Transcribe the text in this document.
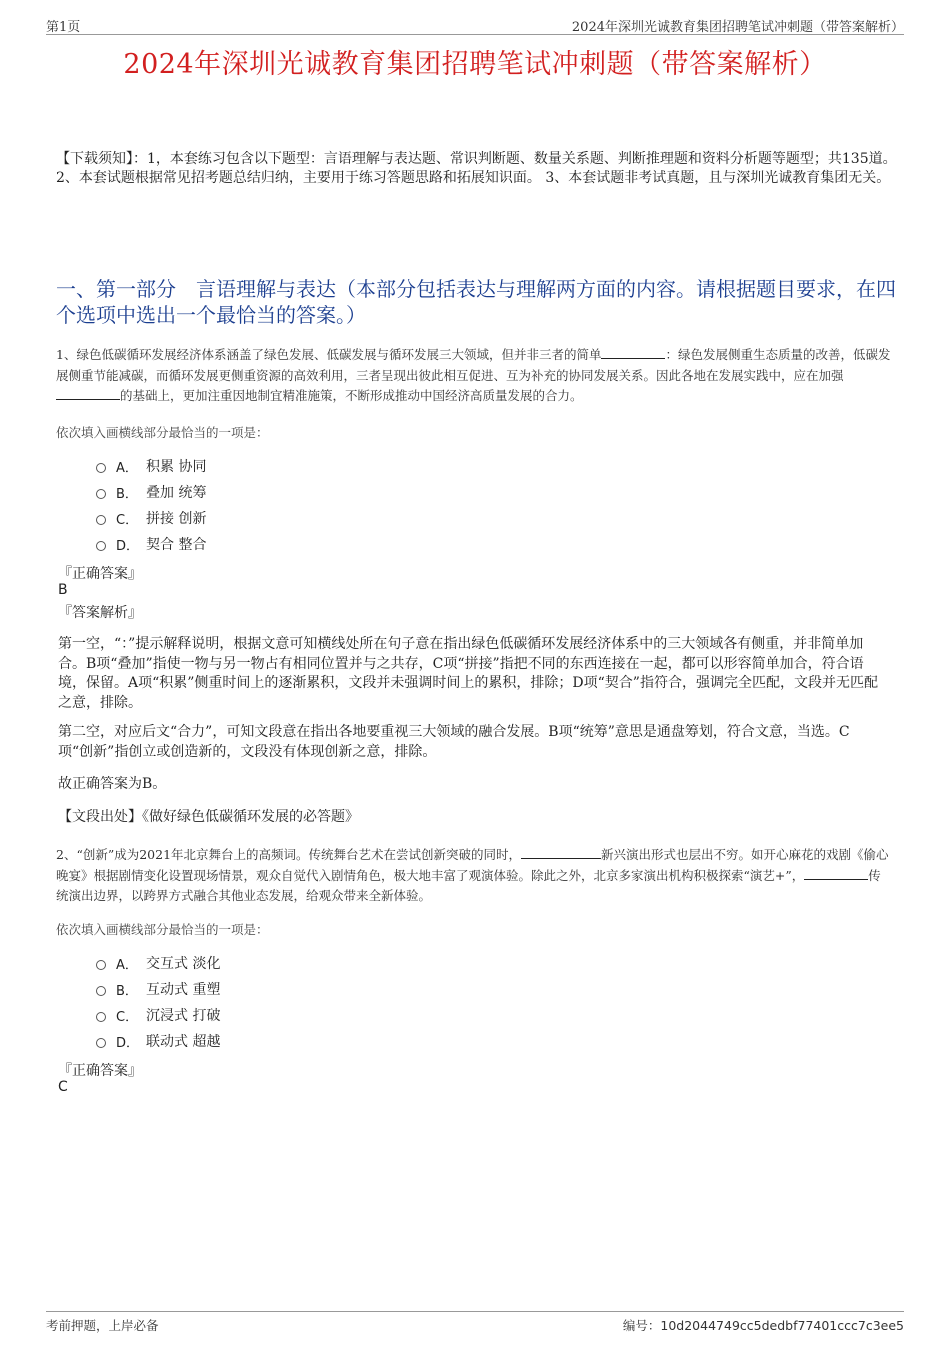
第1页	2024年深圳光诚教育集团招聘笔试冲刺题（带答案解析）
2024年深圳光诚教育集团招聘笔试冲刺题（带答案解析）
【下载须知】：1，本套练习包含以下题型：言语理解与表达题、常识判断题、数量关系题、判断推理题和资料分析题等题型；共135道。 2、本套试题根据常见招考题总结归纳，主要用于练习答题思路和拓展知识面。 3、本套试题非考试真题，且与深圳光诚教育集团无关。
一、第一部分　言语理解与表达（本部分包括表达与理解两方面的内容。请根据题目要求，在四个选项中选出一个最恰当的答案。）
1、绿色低碳循环发展经济体系涵盖了绿色发展、低碳发展与循环发展三大领域，但并非三者的简单	：绿色发展侧重生态质量的改善，低碳发展侧重节能减碳，而循环发展更侧重资源的高效利用，三者呈现出彼此相互促进、互为补充的协同发展关系。因此各地在发展实践中，应在加强的基础上，更加注重因地制宜精准施策，不断形成推动中国经济高质量发展的合力。
依次填入画横线部分最恰当的一项是：
A． 积累 协同
B． 叠加 统筹
C． 拼接 创新
D． 契合 整合
『正确答案』
B
『答案解析』
第一空，“：”提示解释说明，根据文意可知横线处所在句子意在指出绿色低碳循环发展经济体系中的三大领域各有侧重，并非简单加合。B项“叠加”指使一物与另一物占有相同位置并与之共存，C项“拼接”指把不同的东西连接在一起，都可以形容简单加合，符合语境，保留。A项“积累”侧重时间上的逐渐累积，文段并未强调时间上的累积，排除；D项“契合”指符合，强调完全匹配，文段并无匹配之意，排除。
第二空，对应后文“合力”，可知文段意在指出各地要重视三大领域的融合发展。B项“统筹”意思是通盘筹划，符合文意，当选。C项“创新”指创立或创造新的，文段没有体现创新之意，排除。
故正确答案为B。
【文段出处】《做好绿色低碳循环发展的必答题》
2、“创新”成为2021年北京舞台上的高频词。传统舞台艺术在尝试创新突破的同时，	新兴演出形式也层出不穷。如开心麻花的戏剧《偷心晚宴》根据剧情变化设置现场情景，观众自觉代入剧情角色，极大地丰富了观演体验。除此之外，北京多家演出机构积极探索“演艺+”，	传统演出边界，以跨界方式融合其他业态发展，给观众带来全新体验。
依次填入画横线部分最恰当的一项是：
A． 交互式 淡化
B． 互动式 重塑
C． 沉浸式 打破
D． 联动式 超越
『正确答案』
C
考前押题，上岸必备	编号：10d2044749cc5dedbf77401ccc7c3ee5
